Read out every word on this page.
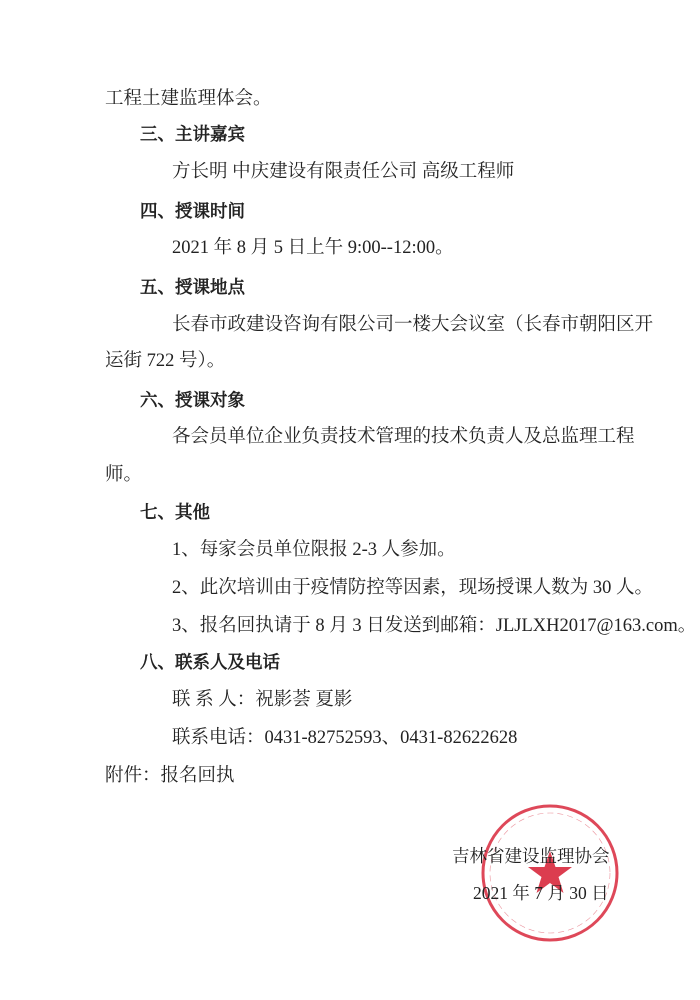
工程土建监理体会。
三、主讲嘉宾
方长明 中庆建设有限责任公司 高级工程师
四、授课时间
2021 年 8 月 5 日上午 9:00--12:00。
五、授课地点
长春市政建设咨询有限公司一楼大会议室（长春市朝阳区开
运街 722 号）。
六、授课对象
各会员单位企业负责技术管理的技术负责人及总监理工程
师。
七、其他
1、每家会员单位限报 2-3 人参加。
2、此次培训由于疫情防控等因素，现场授课人数为 30 人。
3、报名回执请于 8 月 3 日发送到邮箱：JLJLXH2017@163.com。
八、联系人及电话
联 系 人：祝影荟 夏影
联系电话：0431-82752593、0431-82622628
附件：报名回执
吉林省建设监理协会
2021 年 7 月 30 日
